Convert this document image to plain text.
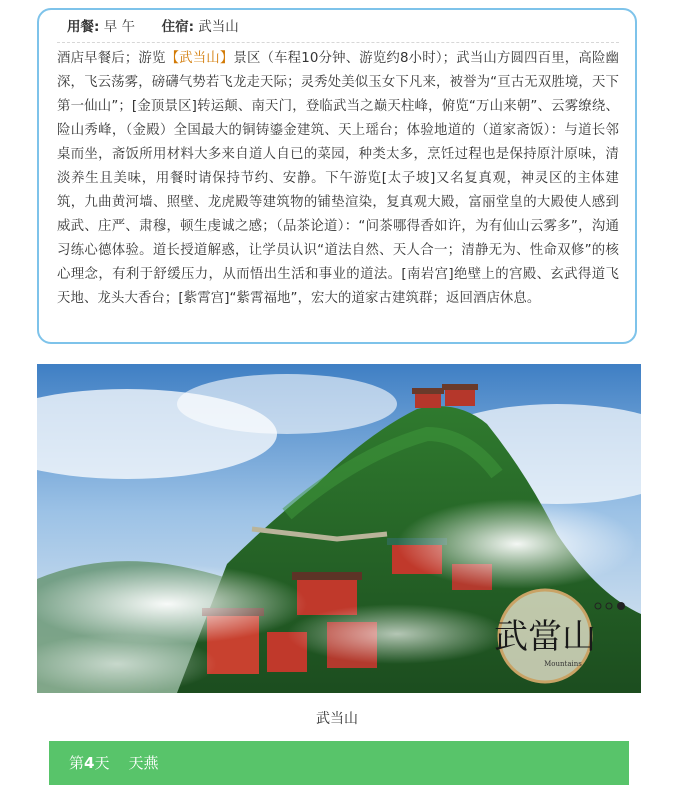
用餐: 早 午 住宿: 武当山
酒店早餐后；游览【武当山】景区（车程10分钟、游览约8小时）；武当山方圆四百里，高险幽深，飞云荡雾，磅礴气势若飞龙走天际；灵秀处美似玉女下凡来，被誉为“亘古无双胜境，天下第一仙山”；[金顶景区]转运颠、南天门，登临武当之巅天柱峰，俯览“万山来朝”、云雾缭绕、险山秀峰，（金殿）全国最大的铜铸鎏金建筑、天上瑶台；体验地道的（道家斋饭）：与道长邻桌而坐，斋饭所用材料大多来自道人自已的菜园，种类太多，烹饪过程也是保持原汁原味，清淡养生且美味，用餐时请保持节约、安静。下午游览[太子坡]又名复真观，神灵区的主体建筑，九曲黄河墙、照壁、龙虎殿等建筑物的铺垫渲染，复真观大殿，富丽堂皇的大殿使人感到威武、庄严、肃穆，顿生虔诚之感；（品茶论道）：“问茶哪得香如许，为有仙山云雾多”，沟通习练心德体验。道长授道解惑，让学员认识“道法自然、天人合一；清静无为、性命双修”的核心理念，有利于舒缓压力，从而悟出生活和事业的道法。[南岩宫]绝壁上的宫殿、玄武得道飞天地、龙头大香台；[紫霄宫]“紫霄福地”，宏大的道家古建筑群；返回酒店休息。
武當山
Mountains
武当山
第4天 天燕
